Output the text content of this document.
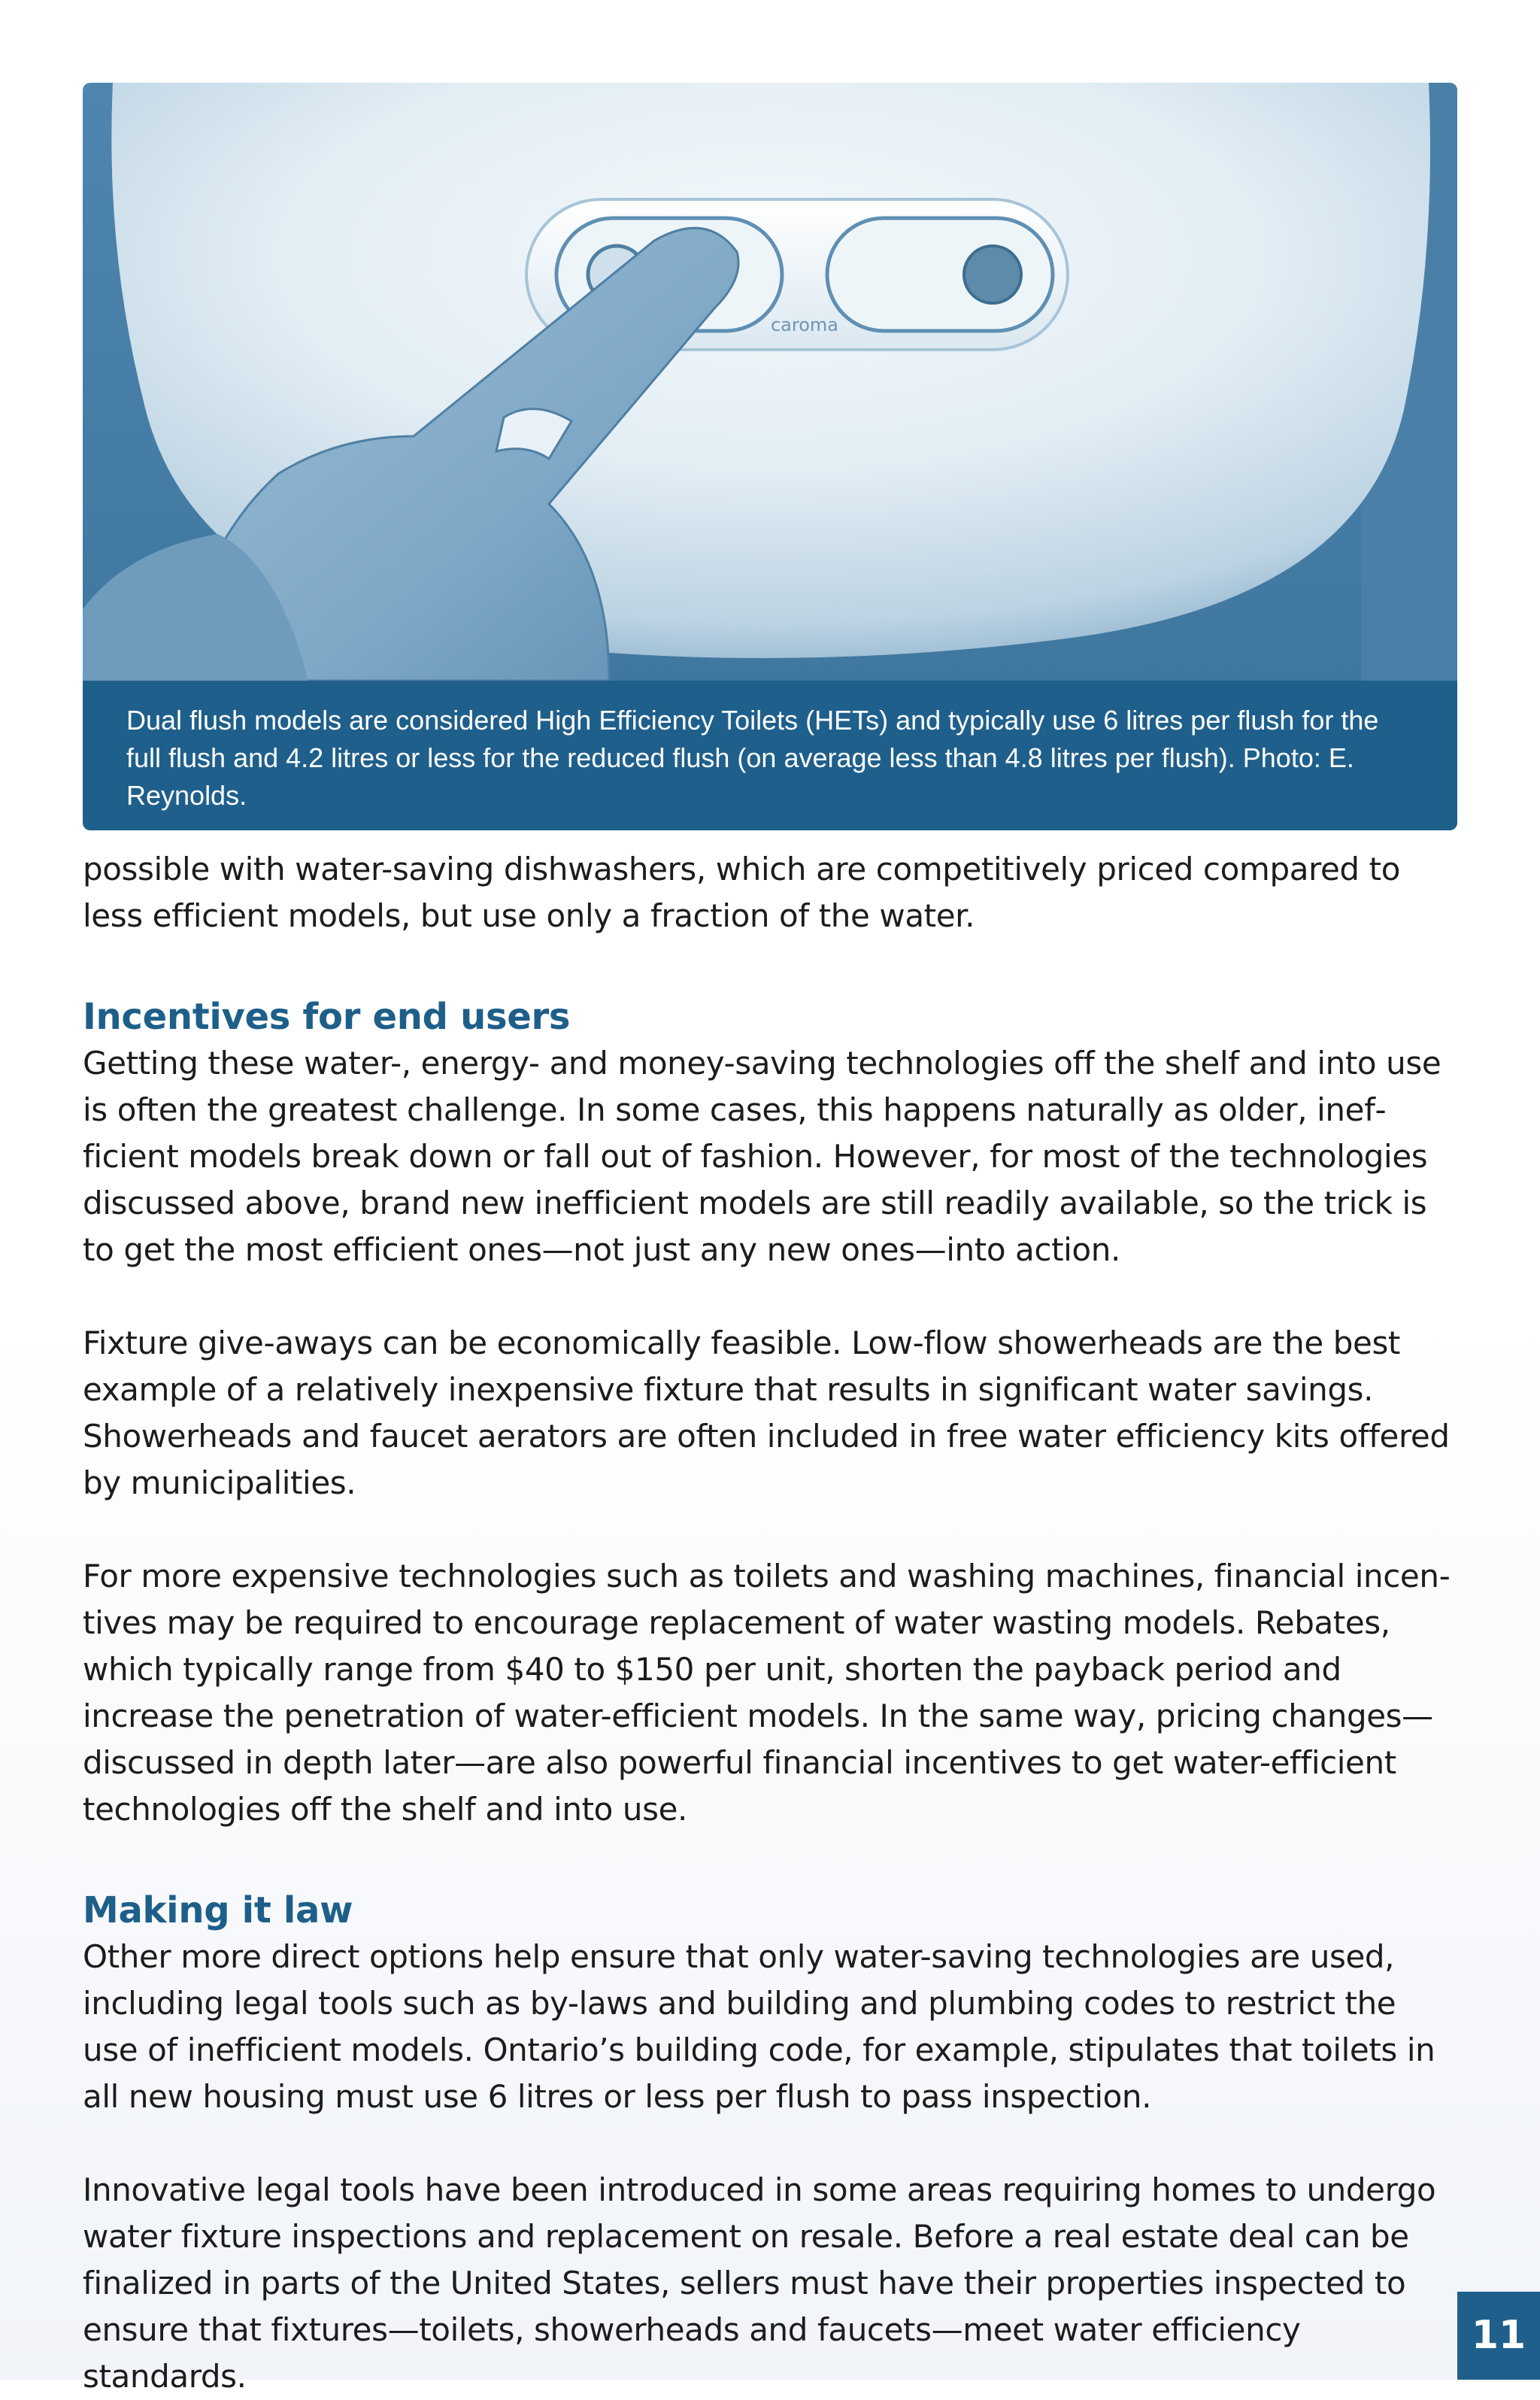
caroma

Dual flush models are considered High Efficiency Toilets (HETs) and typically use 6 litres per flush for the full flush and 4.2 litres or less for the reduced flush (on average less than 4.8 litres per flush). Photo: E. Reynolds.

possible with water-saving dishwashers, which are competitively priced compared to less efficient models, but use only a fraction of the water.

Incentives for end users

Getting these water-, energy- and money-saving technologies off the shelf and into use is often the greatest challenge. In some cases, this happens naturally as older, inefficient models break down or fall out of fashion. However, for most of the technologies discussed above, brand new inefficient models are still readily available, so the trick is to get the most efficient ones—not just any new ones—into action.

Fixture give-aways can be economically feasible. Low-flow showerheads are the best example of a relatively inexpensive fixture that results in significant water savings. Showerheads and faucet aerators are often included in free water efficiency kits offered by municipalities.

For more expensive technologies such as toilets and washing machines, financial incentives may be required to encourage replacement of water wasting models. Rebates, which typically range from $40 to $150 per unit, shorten the payback period and increase the penetration of water-efficient models. In the same way, pricing changes—discussed in depth later—are also powerful financial incentives to get water-efficient technologies off the shelf and into use.

Making it law

Other more direct options help ensure that only water-saving technologies are used, including legal tools such as by-laws and building and plumbing codes to restrict the use of inefficient models. Ontario’s building code, for example, stipulates that toilets in all new housing must use 6 litres or less per flush to pass inspection.

Innovative legal tools have been introduced in some areas requiring homes to undergo water fixture inspections and replacement on resale. Before a real estate deal can be finalized in parts of the United States, sellers must have their properties inspected to ensure that fixtures—toilets, showerheads and faucets—meet water efficiency standards.

11
